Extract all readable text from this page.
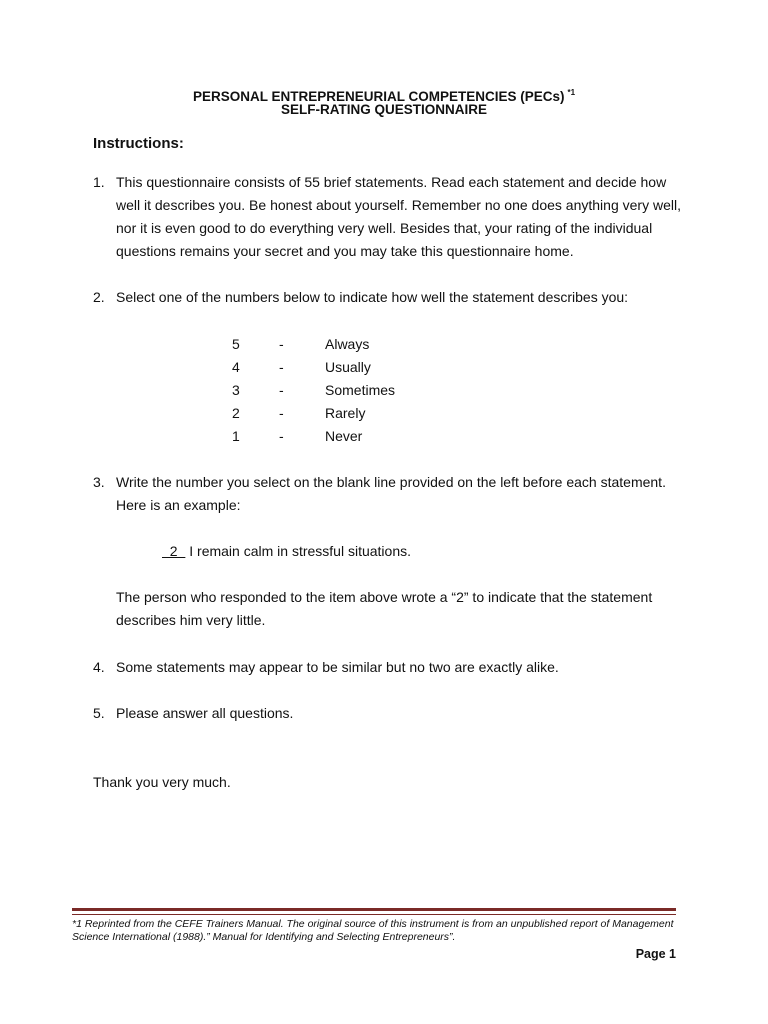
PERSONAL ENTREPRENEURIAL COMPETENCIES (PECs) $^{*1}$
SELF-RATING QUESTIONNAIRE
Instructions:
1. This questionnaire consists of 55 brief statements. Read each statement and decide how well it describes you. Be honest about yourself. Remember no one does anything very well, nor it is even good to do everything very well. Besides that, your rating of the individual questions remains your secret and you may take this questionnaire home.
2. Select one of the numbers below to indicate how well the statement describes you:
5	-	Always
4	-	Usually
3	-	Sometimes
2	-	Rarely
1	-	Never
3. Write the number you select on the blank line provided on the left before each statement. Here is an example:
2   I remain calm in stressful situations.
The person who responded to the item above wrote a “2” to indicate that the statement describes him very little.
4. Some statements may appear to be similar but no two are exactly alike.
5. Please answer all questions.
Thank you very much.
*1 Reprinted from the CEFE Trainers Manual. The original source of this instrument is from an unpublished report of Management Science International (1988).” Manual for Identifying and Selecting Entrepreneurs”.
Page 1
